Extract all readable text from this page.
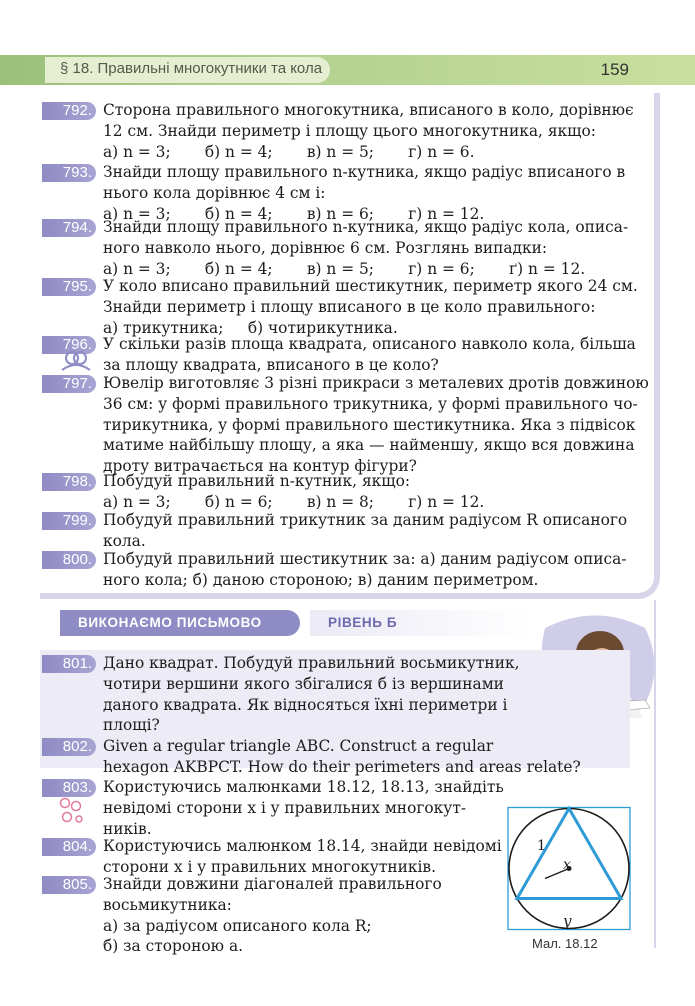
§ 18. Правильні многокутники та кола	159
792. Сторона правильного многокутника, вписаного в коло, дорівнює
12 см. Знайди периметр і площу цього многокутника, якщо:
а) n = 3;       б) n = 4;       в) n = 5;       г) n = 6.
793. Знайди площу правильного n-кутника, якщо радіус вписаного в
нього кола дорівнює 4 см і:
а) n = 3;       б) n = 4;       в) n = 6;       г) n = 12.
794. Знайди площу правильного n-кутника, якщо радіус кола, описа-
ного навколо нього, дорівнює 6 см. Розглянь випадки:
а) n = 3;       б) n = 4;       в) n = 5;       г) n = 6;       ґ) n = 12.
795. У коло вписано правильний шестикутник, периметр якого 24 см.
Знайди периметр і площу вписаного в це коло правильного:
а) трикутника;     б) чотирикутника.
796. У скільки разів площа квадрата, описаного навколо кола, більша
за площу квадрата, вписаного в це коло?
797. Ювелір виготовляє 3 різні прикраси з металевих дротів довжиною
36 см: у формі правильного трикутника, у формі правильного чо-
тирикутника, у формі правильного шестикутника. Яка з підвісок
матиме найбільшу площу, а яка — найменшу, якщо вся довжина
дроту витрачається на контур фігури?
798. Побудуй правильний n-кутник, якщо:
а) n = 3;       б) n = 6;       в) n = 8;       г) n = 12.
799. Побудуй правильний трикутник за даним радіусом R описаного
кола.
800. Побудуй правильний шестикутник за: а) даним радіусом описа-
ного кола; б) даною стороною; в) даним периметром.
ВИКОНАЄМО ПИСЬМОВО	РІВЕНЬ Б
801. Дано квадрат. Побудуй правильний восьмикутник,
чотири вершини якого збігалися б із вершинами
даного квадрата. Як відносяться їхні периметри і
площі?
802. Given a regular triangle ABC. Construct a regular
hexagon AKBPCT. How do their perimeters and areas relate?
803. Користуючись малюнками 18.12, 18.13, знайдіть
невідомі сторони x і y правильних многокут-
ників.
804. Користуючись малюнком 18.14, знайди невідомі
сторони x і y правильних многокутників.
805. Знайди довжини діагоналей правильного
восьмикутника:
а) за радіусом описаного кола R;
б) за стороною a.
1
x
y
Мал. 18.12
